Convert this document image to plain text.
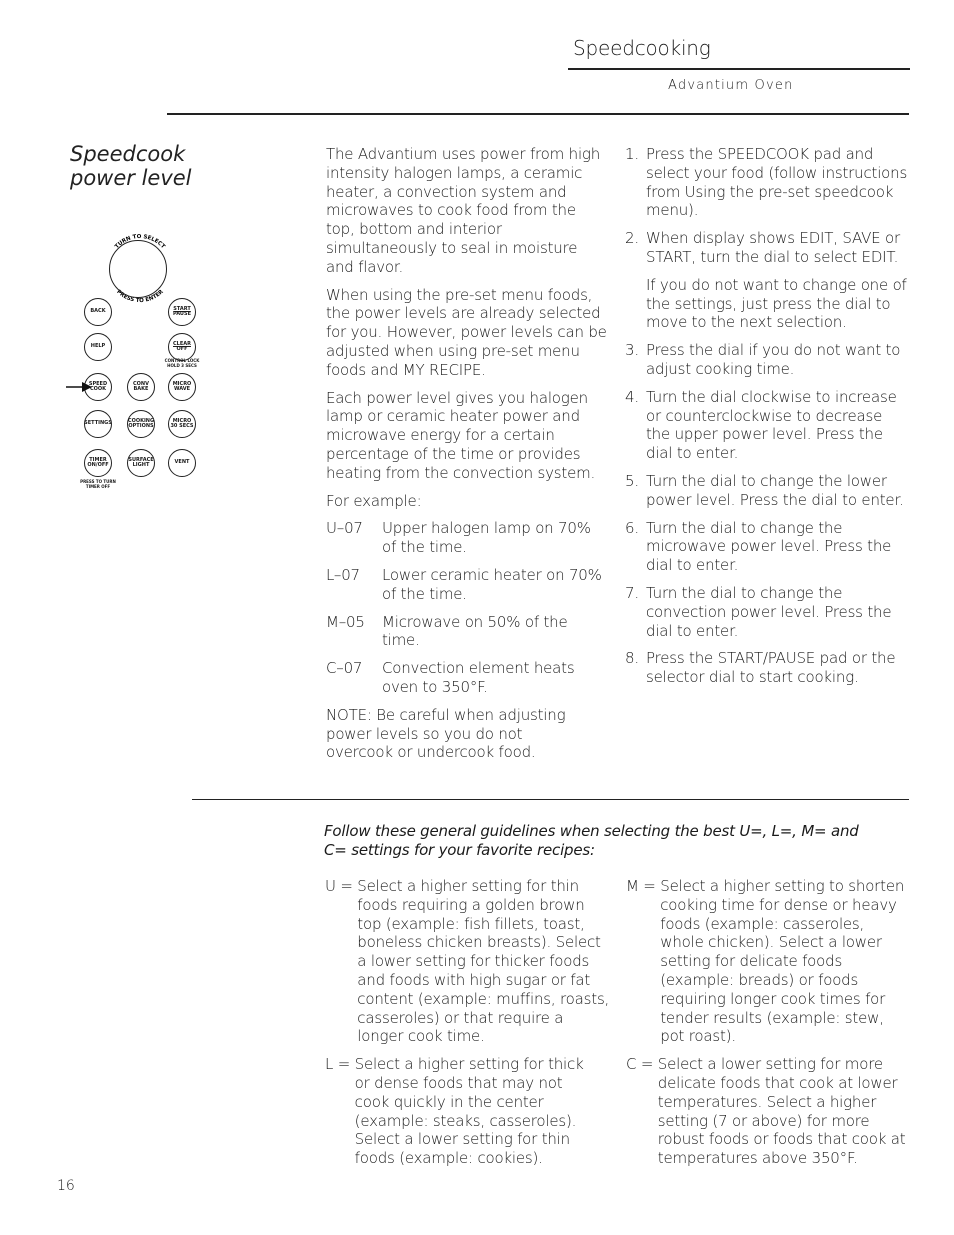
Speedcooking
Advantium Oven
Speedcook
power level
TURN TO SELECT
PRESS TO ENTER
BACK	START
PAUSE
HELP	CLEAR
OFF
CONTROL LOCK
HOLD 3 SECS
SPEED
COOK
CONV
BAKE
MICRO
WAVE
SETTINGS	COOKING
OPTIONS
MICRO
30 SECS
TIMER
ON/OFF
SURFACE
LIGHT	VENT
PRESS TO TURN
TIMER OFF

The Advantium uses power from high intensity halogen lamps, a ceramic heater, a convection system and microwaves to cook food from the top, bottom and interior simultaneously to seal in moisture and flavor.

When using the pre-set menu foods, the power levels are already selected for you. However, power levels can be adjusted when using pre-set menu foods and MY RECIPE.

Each power level gives you halogen lamp or ceramic heater power and microwave energy for a certain percentage of the time or provides heating from the convection system.

For example:

U–07	Upper halogen lamp on 70% of the time.
L–07	Lower ceramic heater on 70% of the time.
M–05	Microwave on 50% of the time.
C–07	Convection element heats oven to 350°F.

NOTE: Be careful when adjusting power levels so you do not overcook or undercook food.

1. Press the SPEEDCOOK pad and select your food (follow instructions from Using the pre-set speedcook menu).
2. When display shows EDIT, SAVE or START, turn the dial to select EDIT.
If you do not want to change one of the settings, just press the dial to move to the next selection.
3. Press the dial if you do not want to adjust cooking time.
4. Turn the dial clockwise to increase or counterclockwise to decrease the upper power level. Press the dial to enter.
5. Turn the dial to change the lower power level. Press the dial to enter.
6. Turn the dial to change the microwave power level. Press the dial to enter.
7. Turn the dial to change the convection power level. Press the dial to enter.
8. Press the START/PAUSE pad or the selector dial to start cooking.
Follow these general guidelines when selecting the best U=, L=, M= and C= settings for your favorite recipes:
U = Select a higher setting for thin foods requiring a golden brown top (example: fish fillets, toast, boneless chicken breasts). Select a lower setting for thicker foods and foods with high sugar or fat content (example: muffins, roasts, casseroles) or that require a longer cook time.
L = Select a higher setting for thick or dense foods that may not cook quickly in the center (example: steaks, casseroles). Select a lower setting for thin foods (example: cookies).
M = Select a higher setting to shorten cooking time for dense or heavy foods (example: casseroles, whole chicken). Select a lower setting for delicate foods (example: breads) or foods requiring longer cook times for tender results (example: stew, pot roast).
C = Select a lower setting for more delicate foods that cook at lower temperatures. Select a higher setting (7 or above) for more robust foods or foods that cook at temperatures above 350°F.
16
